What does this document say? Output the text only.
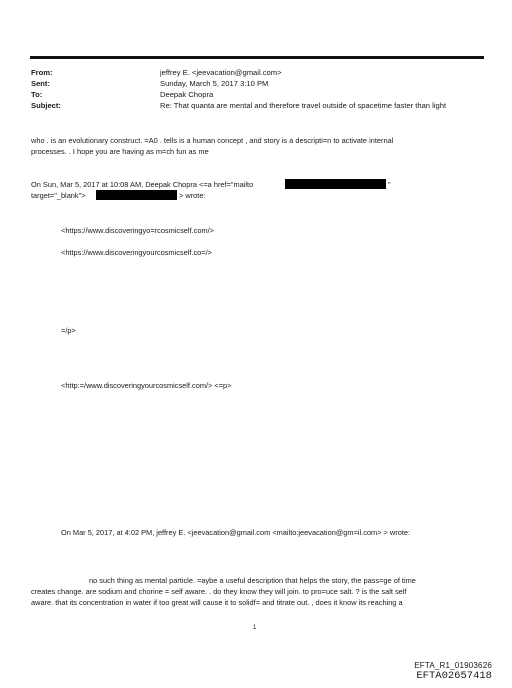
From:	jeffrey E. <jeevacation@gmail.com>
Sent:	Sunday, March 5, 2017 3:10 PM
To:	Deepak Chopra
Subject:	Re: That quanta are mental and therefore travel outside of spacetime faster than light
who . is an evolutionary construct. =A0 . tells is a human concept , and story is a descripti=n to activate internal
processes. . I hope you are having as m=ch fun as me
On Sun, Mar 5, 2017 at 10:08 AM, Deepak Chopra <=a href="mailto	"
target="_blank">	> wrote:
<https://www.discoveringyo=rcosmicself.com/>
<https://www.discoveringyourcosmicself.co=/>
=/p>
<http:=/www.discoveringyourcosmicself.com/> <=p>
On Mar 5, 2017, at 4:02 PM, jeffrey E. <jeevacation@gmail.com <mailto:jeevacation@gm=il.com> > wrote:
no such thing as mental particle. =aybe a useful description that helps the story, the pass=ge of time
creates change. are sodium and chorine = self aware. . do they know they will join. to pro=uce salt. ? is the salt self
aware. that its concentration in water if too great will cause it to solidf= and titrate out. , does it know its reaching a
1
EFTA_R1_01903626
EFTA02657418
